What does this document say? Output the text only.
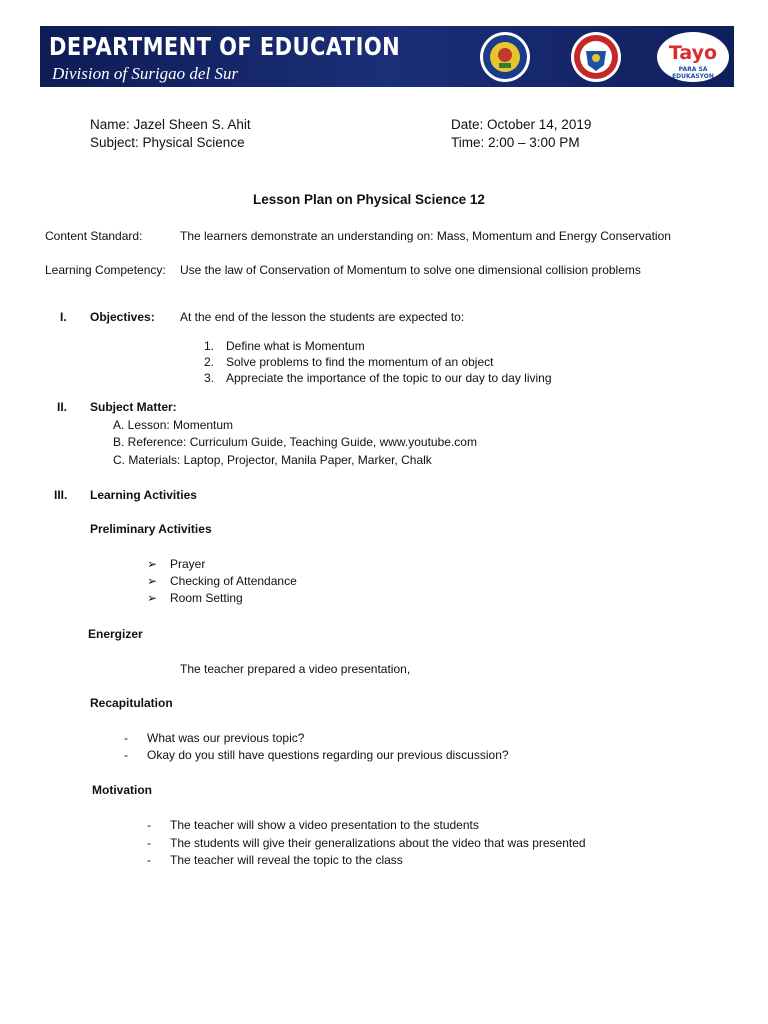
DEPARTMENT OF EDUCATION
Division of Surigao del Sur
Tayo
PARA SA
EDUKASYON
Name: Jazel Sheen S. Ahit
Subject: Physical Science
Date: October 14, 2019
Time: 2:00 – 3:00 PM
Lesson Plan on Physical Science 12
Content Standard:	The learners demonstrate an understanding on: Mass, Momentum and Energy Conservation
Learning Competency: Use the law of Conservation of Momentum to solve one dimensional collision problems
I. Objectives: At the end of the lesson the students are expected to:
1. Define what is Momentum
2. Solve problems to find the momentum of an object
3. Appreciate the importance of the topic to our day to day living
II. Subject Matter:
A. Lesson: Momentum
B. Reference: Curriculum Guide, Teaching Guide, www.youtube.com
C. Materials: Laptop, Projector, Manila Paper, Marker, Chalk
III. Learning Activities
Preliminary Activities
➢ Prayer
➢ Checking of Attendance
➢ Room Setting
Energizer
The teacher prepared a video presentation,
Recapitulation
- What was our previous topic?
- Okay do you still have questions regarding our previous discussion?
Motivation
- The teacher will show a video presentation to the students
- The students will give their generalizations about the video that was presented
- The teacher will reveal the topic to the class
